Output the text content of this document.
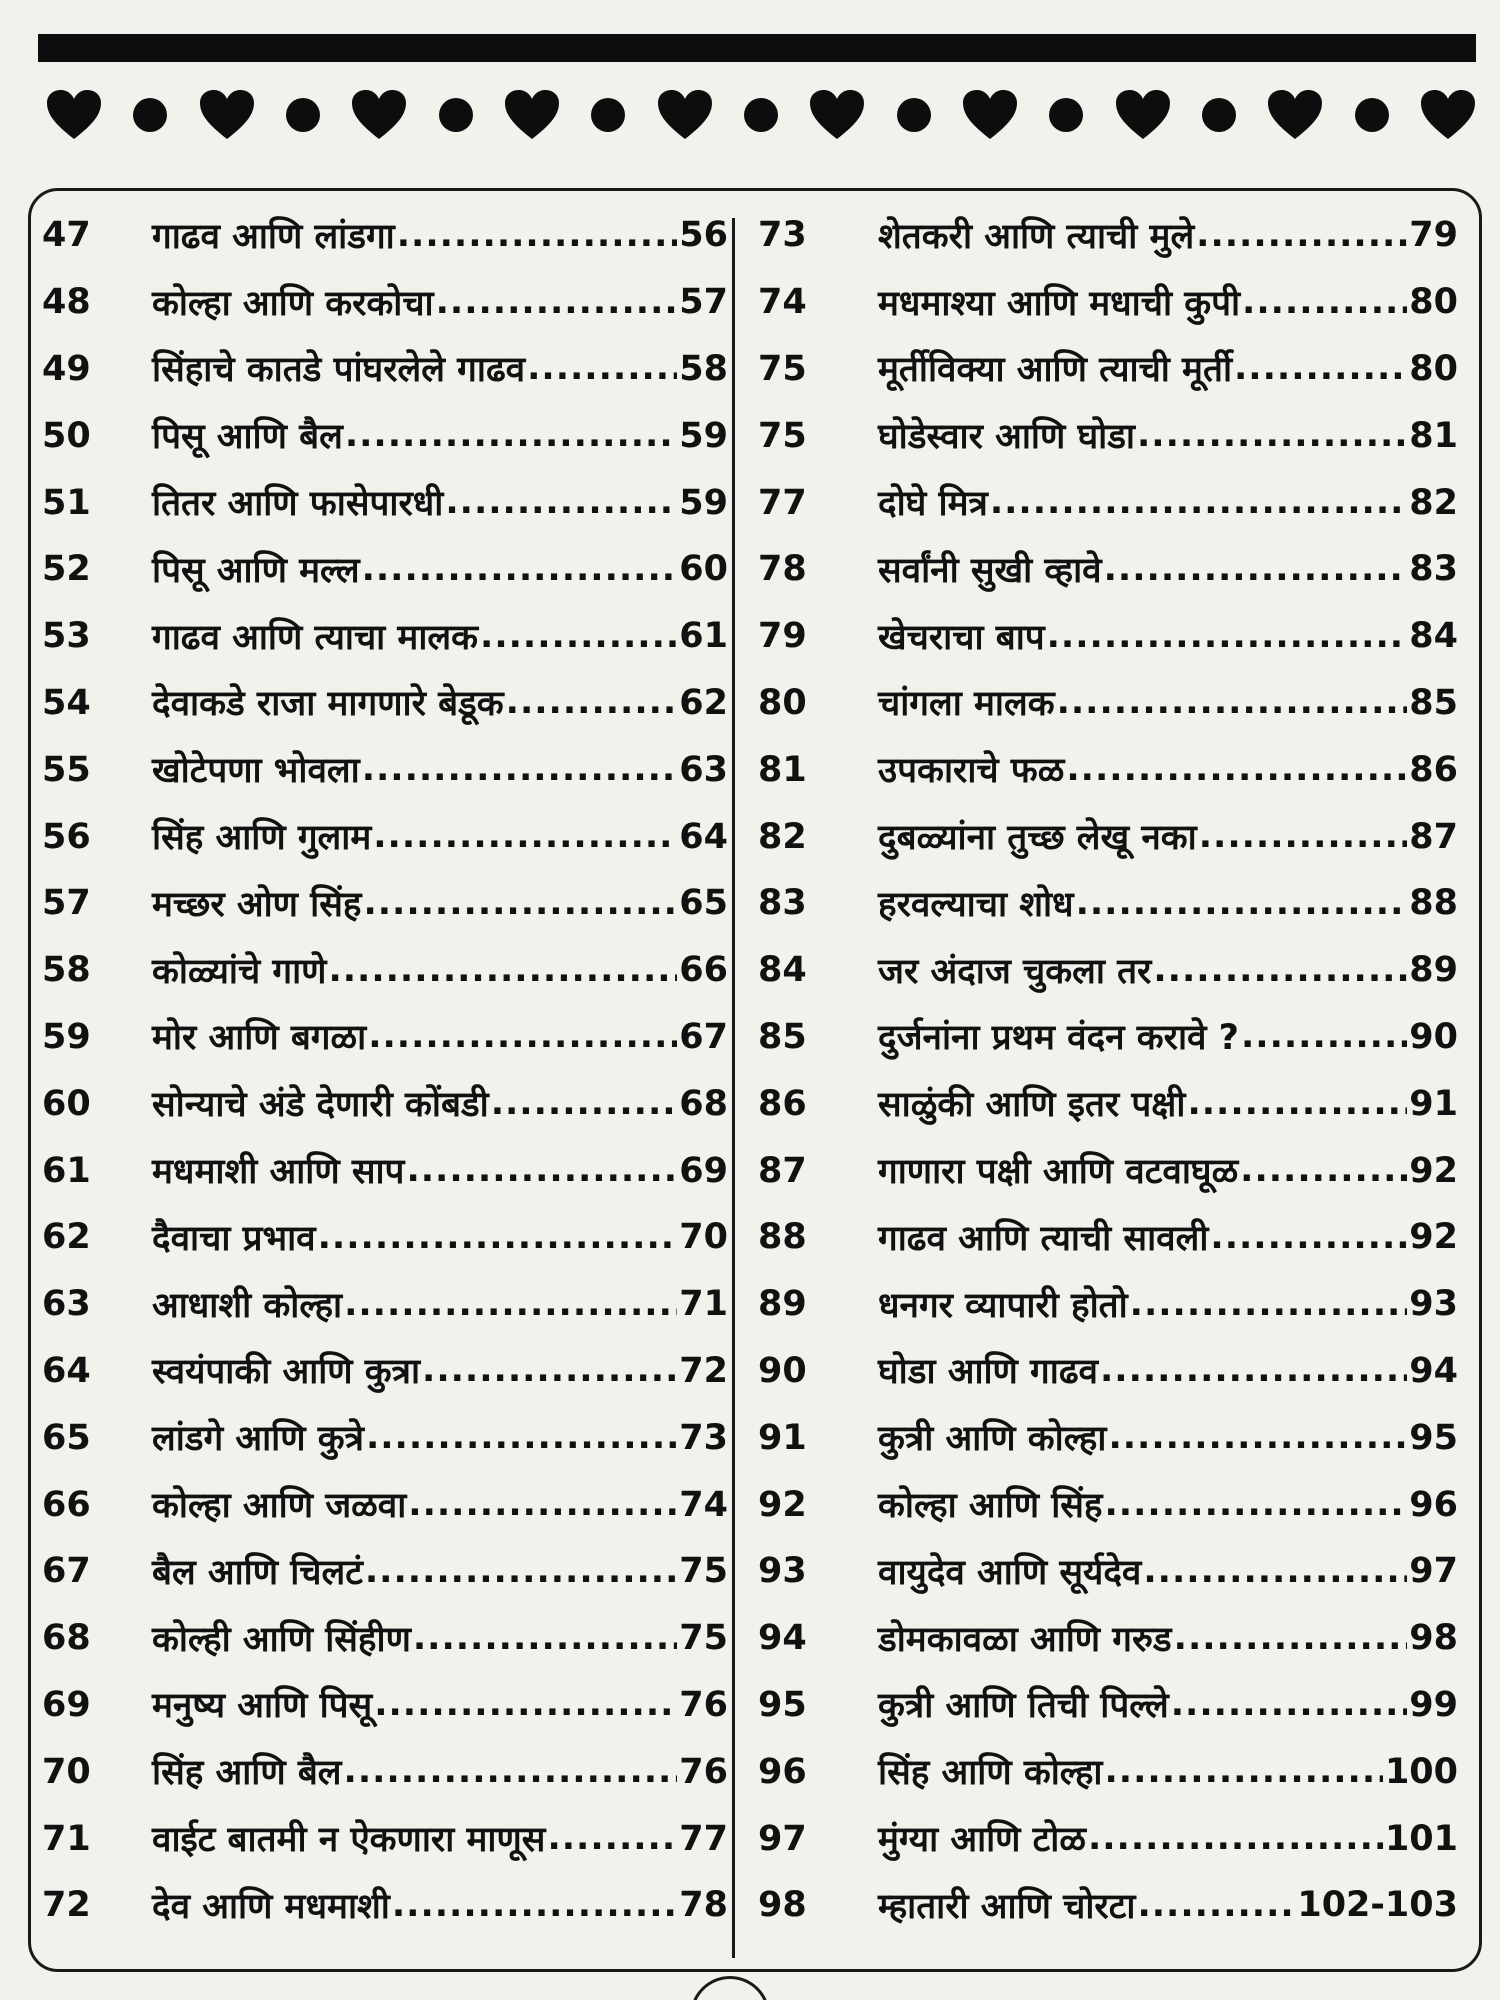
47	गाढव आणि लांडगा .....	56
48	कोल्हा आणि करकोचा .....	57
49	सिंहाचे कातडे पांघरलेले गाढव .....	58
50	पिसू आणि बैल .....	59
51	तितर आणि फासेपारधी .....	59
52	पिसू आणि मल्ल .....	60
53	गाढव आणि त्याचा मालक .....	61
54	देवाकडे राजा मागणारे बेडूक .....	62
55	खोटेपणा भोवला .....	63
56	सिंह आणि गुलाम .....	64
57	मच्छर ओण सिंह .....	65
58	कोळ्यांचे गाणे .....	66
59	मोर आणि बगळा .....	67
60	सोन्याचे अंडे देणारी कोंबडी .....	68
61	मधमाशी आणि साप .....	69
62	दैवाचा प्रभाव .....	70
63	आधाशी कोल्हा .....	71
64	स्वयंपाकी आणि कुत्रा .....	72
65	लांडगे आणि कुत्रे .....	73
66	कोल्हा आणि जळवा .....	74
67	बैल आणि चिलटं .....	75
68	कोल्ही आणि सिंहीण .....	75
69	मनुष्य आणि पिसू .....	76
70	सिंह आणि बैल .....	76
71	वाईट बातमी न ऐकणारा माणूस .....	77
72	देव आणि मधमाशी .....	78
73	शेतकरी आणि त्याची मुले .....	79
74	मधमाश्या आणि मधाची कुपी .....	80
75	मूर्तीविक्या आणि त्याची मूर्ती .....	80
75	घोडेस्वार आणि घोडा .....	81
77	दोघे मित्र .....	82
78	सर्वांनी सुखी व्हावे .....	83
79	खेचराचा बाप .....	84
80	चांगला मालक .....	85
81	उपकाराचे फळ .....	86
82	दुबळ्यांना तुच्छ लेखू नका .....	87
83	हरवल्याचा शोध .....	88
84	जर अंदाज चुकला तर .....	89
85	दुर्जनांना प्रथम वंदन करावे ? .....	90
86	साळुंकी आणि इतर पक्षी .....	91
87	गाणारा पक्षी आणि वटवाघूळ .....	92
88	गाढव आणि त्याची सावली .....	92
89	धनगर व्यापारी होतो .....	93
90	घोडा आणि गाढव .....	94
91	कुत्री आणि कोल्हा .....	95
92	कोल्हा आणि सिंह .....	96
93	वायुदेव आणि सूर्यदेव .....	97
94	डोमकावळा आणि गरुड .....	98
95	कुत्री आणि तिची पिल्ले .....	99
96	सिंह आणि कोल्हा .....	100
97	मुंग्या आणि टोळ .....	101
98	म्हातारी आणि चोरटा .....	102-103
